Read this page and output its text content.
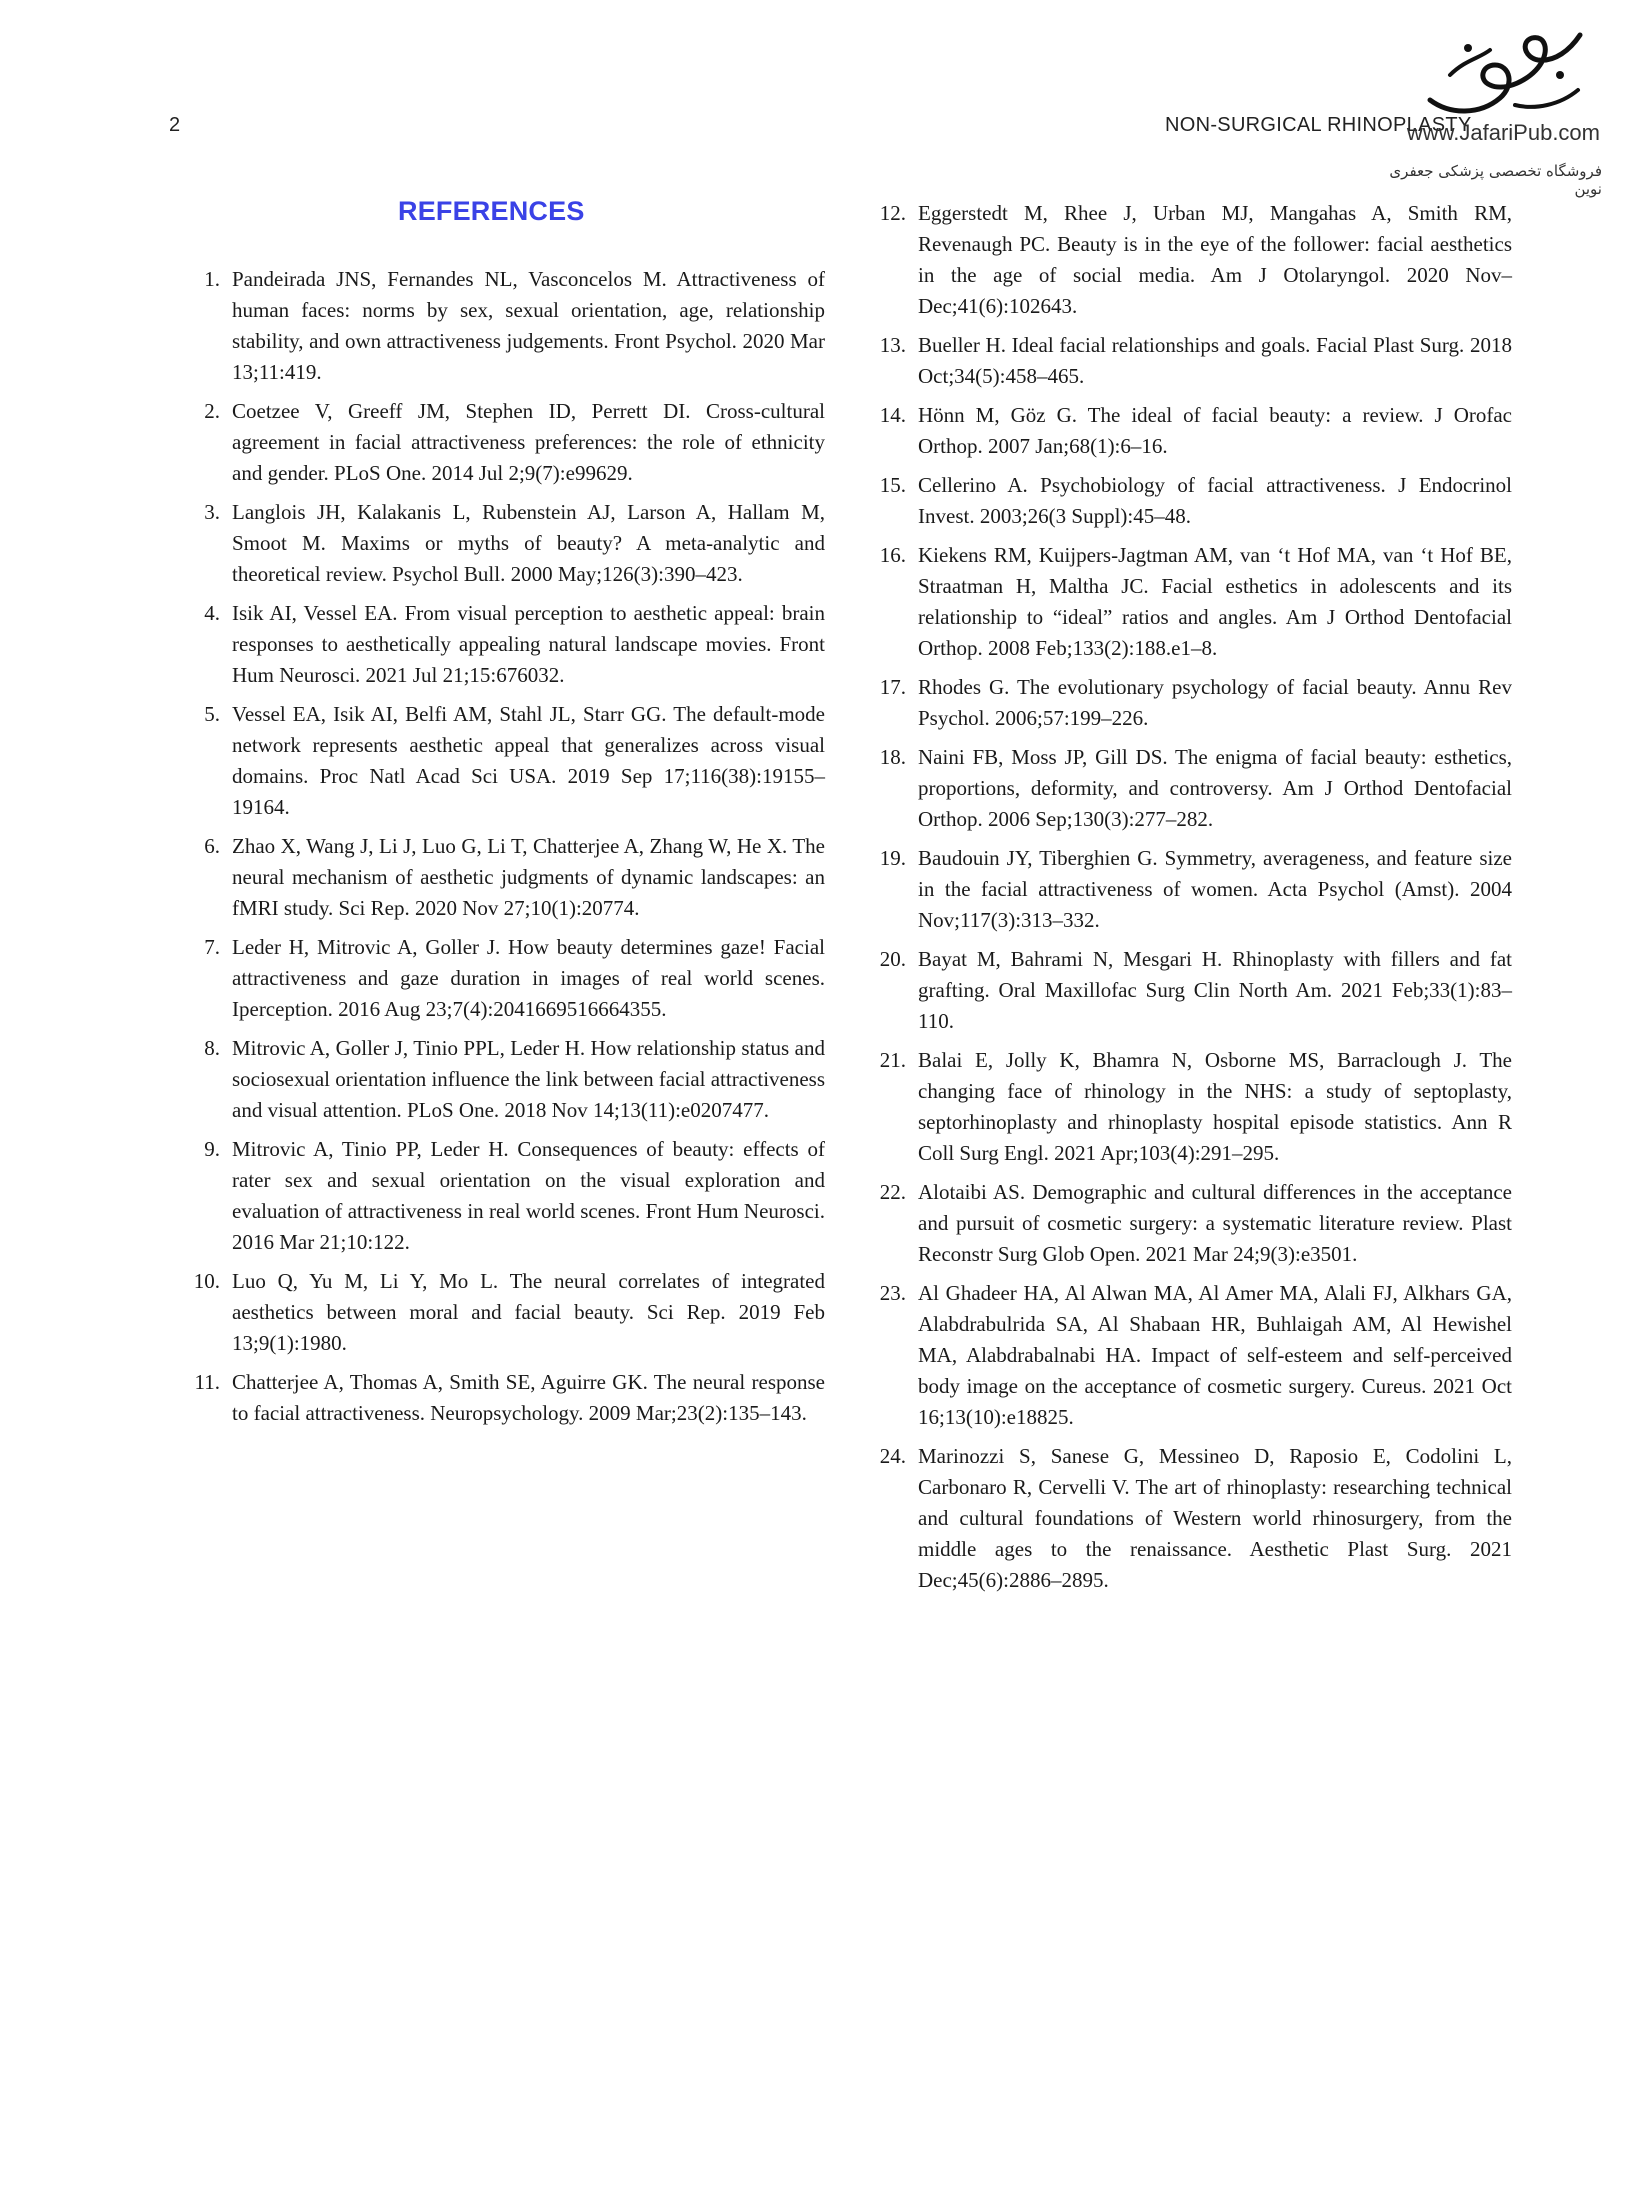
2	NON-SURGICAL RHINOPLASTY
www.JafariPub.com
فروشگاه تخصصی پزشکی جعفری نوین
REFERENCES
1. Pandeirada JNS, Fernandes NL, Vasconcelos M. Attractiveness of human faces: norms by sex, sexual orientation, age, relationship stability, and own attractiveness judgements. Front Psychol. 2020 Mar 13;11:419.
2. Coetzee V, Greeff JM, Stephen ID, Perrett DI. Cross-cultural agreement in facial attractiveness preferences: the role of ethnicity and gender. PLoS One. 2014 Jul 2;9(7):e99629.
3. Langlois JH, Kalakanis L, Rubenstein AJ, Larson A, Hallam M, Smoot M. Maxims or myths of beauty? A meta-analytic and theoretical review. Psychol Bull. 2000 May;126(3):390–423.
4. Isik AI, Vessel EA. From visual perception to aesthetic appeal: brain responses to aesthetically appealing natural landscape movies. Front Hum Neurosci. 2021 Jul 21;15:676032.
5. Vessel EA, Isik AI, Belfi AM, Stahl JL, Starr GG. The default-mode network represents aesthetic appeal that generalizes across visual domains. Proc Natl Acad Sci USA. 2019 Sep 17;116(38):19155–19164.
6. Zhao X, Wang J, Li J, Luo G, Li T, Chatterjee A, Zhang W, He X. The neural mechanism of aesthetic judgments of dynamic landscapes: an fMRI study. Sci Rep. 2020 Nov 27;10(1):20774.
7. Leder H, Mitrovic A, Goller J. How beauty determines gaze! Facial attractiveness and gaze duration in images of real world scenes. Iperception. 2016 Aug 23;7(4):2041669516664355.
8. Mitrovic A, Goller J, Tinio PPL, Leder H. How relationship status and sociosexual orientation influence the link between facial attractiveness and visual attention. PLoS One. 2018 Nov 14;13(11):e0207477.
9. Mitrovic A, Tinio PP, Leder H. Consequences of beauty: effects of rater sex and sexual orientation on the visual exploration and evaluation of attractiveness in real world scenes. Front Hum Neurosci. 2016 Mar 21;10:122.
10. Luo Q, Yu M, Li Y, Mo L. The neural correlates of integrated aesthetics between moral and facial beauty. Sci Rep. 2019 Feb 13;9(1):1980.
11. Chatterjee A, Thomas A, Smith SE, Aguirre GK. The neural response to facial attractiveness. Neuropsychology. 2009 Mar;23(2):135–143.
12. Eggerstedt M, Rhee J, Urban MJ, Mangahas A, Smith RM, Revenaugh PC. Beauty is in the eye of the follower: facial aesthetics in the age of social media. Am J Otolaryngol. 2020 Nov–Dec;41(6):102643.
13. Bueller H. Ideal facial relationships and goals. Facial Plast Surg. 2018 Oct;34(5):458–465.
14. Hönn M, Göz G. The ideal of facial beauty: a review. J Orofac Orthop. 2007 Jan;68(1):6–16.
15. Cellerino A. Psychobiology of facial attractiveness. J Endocrinol Invest. 2003;26(3 Suppl):45–48.
16. Kiekens RM, Kuijpers-Jagtman AM, van ‘t Hof MA, van ‘t Hof BE, Straatman H, Maltha JC. Facial esthetics in adolescents and its relationship to “ideal” ratios and angles. Am J Orthod Dentofacial Orthop. 2008 Feb;133(2):188.e1–8.
17. Rhodes G. The evolutionary psychology of facial beauty. Annu Rev Psychol. 2006;57:199–226.
18. Naini FB, Moss JP, Gill DS. The enigma of facial beauty: esthetics, proportions, deformity, and controversy. Am J Orthod Dentofacial Orthop. 2006 Sep;130(3):277–282.
19. Baudouin JY, Tiberghien G. Symmetry, averageness, and feature size in the facial attractiveness of women. Acta Psychol (Amst). 2004 Nov;117(3):313–332.
20. Bayat M, Bahrami N, Mesgari H. Rhinoplasty with fillers and fat grafting. Oral Maxillofac Surg Clin North Am. 2021 Feb;33(1):83–110.
21. Balai E, Jolly K, Bhamra N, Osborne MS, Barraclough J. The changing face of rhinology in the NHS: a study of septoplasty, septorhinoplasty and rhinoplasty hospital episode statistics. Ann R Coll Surg Engl. 2021 Apr;103(4):291–295.
22. Alotaibi AS. Demographic and cultural differences in the acceptance and pursuit of cosmetic surgery: a systematic literature review. Plast Reconstr Surg Glob Open. 2021 Mar 24;9(3):e3501.
23. Al Ghadeer HA, Al Alwan MA, Al Amer MA, Alali FJ, Alkhars GA, Alabdrabulrida SA, Al Shabaan HR, Buhlaigah AM, Al Hewishel MA, Alabdrabalnabi HA. Impact of self-esteem and self-perceived body image on the acceptance of cosmetic surgery. Cureus. 2021 Oct 16;13(10):e18825.
24. Marinozzi S, Sanese G, Messineo D, Raposio E, Codolini L, Carbonaro R, Cervelli V. The art of rhinoplasty: researching technical and cultural foundations of Western world rhinosurgery, from the middle ages to the renaissance. Aesthetic Plast Surg. 2021 Dec;45(6):2886–2895.
